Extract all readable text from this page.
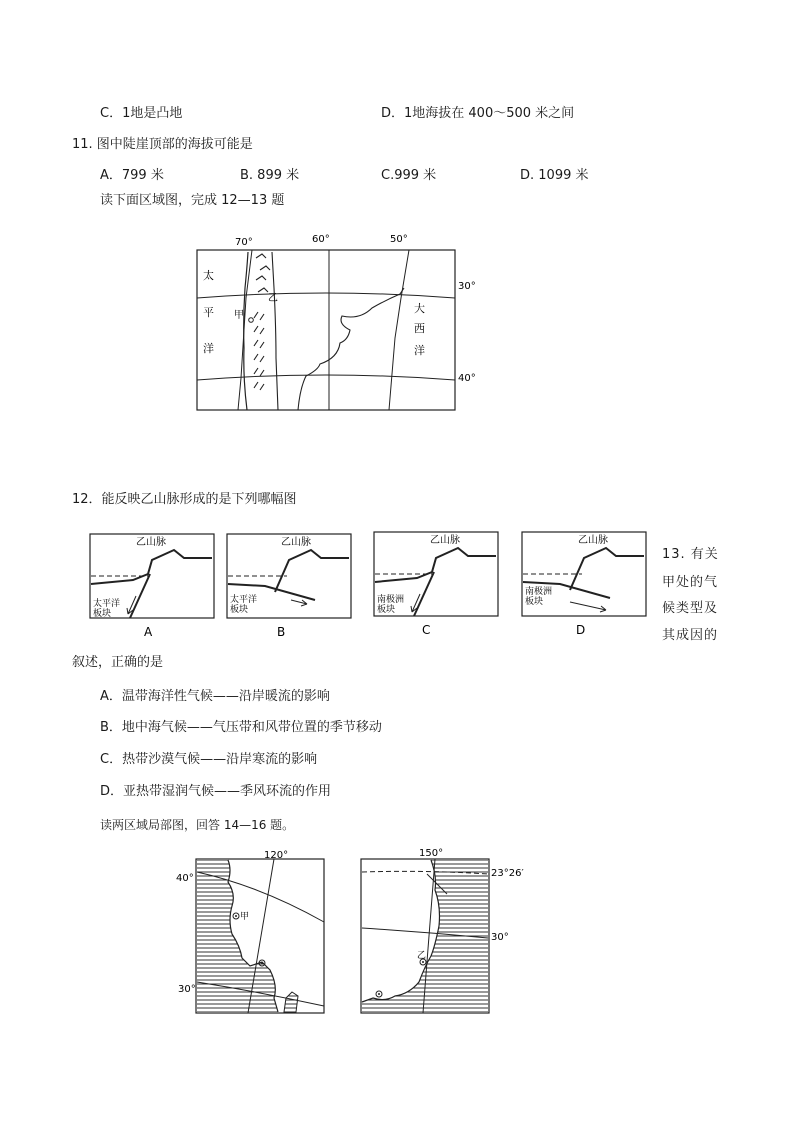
C．1地是凸地	D．1地海拔在 400～500 米之间
11. 图中陡崖顶部的海拔可能是
A．799 米	B. 899 米	C.999 米	D. 1099 米
读下面区域图，完成 12—13 题
70°	60°	50°
30°
40°
太
平
洋
大
西
洋
甲
乙
12．能反映乙山脉形成的是下列哪幅图
乙山脉
太平洋
板块
A
乙山脉
太平洋
板块
B
乙山脉
南极洲
板块
C
乙山脉
南极洲
板块
D
13. 有关
甲处的气
候类型及
其成因的
叙述，正确的是
A．温带海洋性气候——沿岸暖流的影响
B．地中海气候——气压带和风带位置的季节移动
C．热带沙漠气候——沿岸寒流的影响
D．亚热带湿润气候——季风环流的作用
读两区域局部图，回答 14—16 题。
120°
40°
30°
甲
150°
23°26′
30°
乙
